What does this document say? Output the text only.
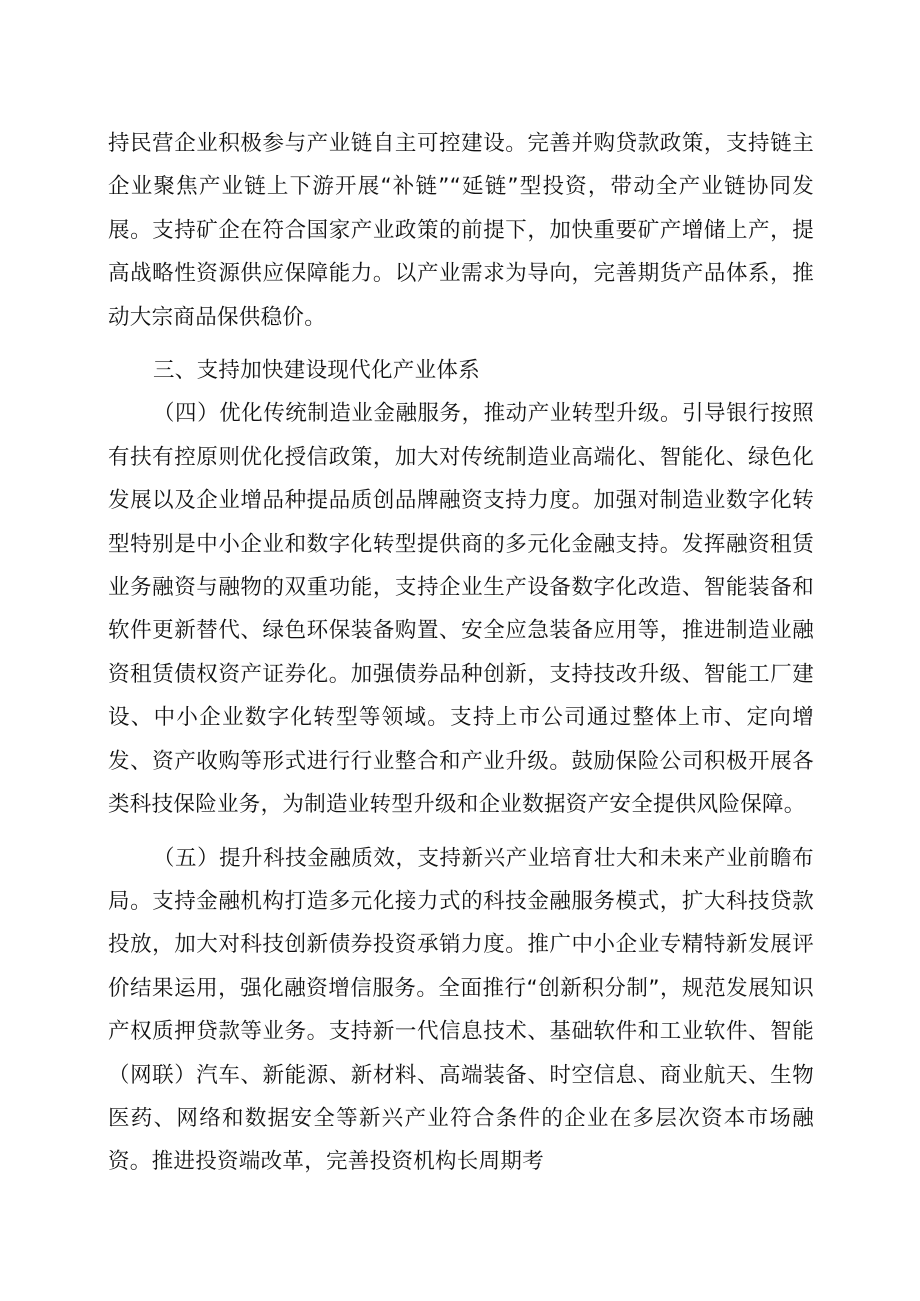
持民营企业积极参与产业链自主可控建设。完善并购贷款政策，支持链主企业聚焦产业链上下游开展“补链”“延链”型投资，带动全产业链协同发展。支持矿企在符合国家产业政策的前提下，加快重要矿产增储上产，提高战略性资源供应保障能力。以产业需求为导向，完善期货产品体系，推动大宗商品保供稳价。

三、支持加快建设现代化产业体系

（四）优化传统制造业金融服务，推动产业转型升级。引导银行按照有扶有控原则优化授信政策，加大对传统制造业高端化、智能化、绿色化发展以及企业增品种提品质创品牌融资支持力度。加强对制造业数字化转型特别是中小企业和数字化转型提供商的多元化金融支持。发挥融资租赁业务融资与融物的双重功能，支持企业生产设备数字化改造、智能装备和软件更新替代、绿色环保装备购置、安全应急装备应用等，推进制造业融资租赁债权资产证券化。加强债券品种创新，支持技改升级、智能工厂建设、中小企业数字化转型等领域。支持上市公司通过整体上市、定向增发、资产收购等形式进行行业整合和产业升级。鼓励保险公司积极开展各类科技保险业务，为制造业转型升级和企业数据资产安全提供风险保障。

（五）提升科技金融质效，支持新兴产业培育壮大和未来产业前瞻布局。支持金融机构打造多元化接力式的科技金融服务模式，扩大科技贷款投放，加大对科技创新债券投资承销力度。推广中小企业专精特新发展评价结果运用，强化融资增信服务。全面推行“创新积分制”，规范发展知识产权质押贷款等业务。支持新一代信息技术、基础软件和工业软件、智能（网联）汽车、新能源、新材料、高端装备、时空信息、商业航天、生物医药、网络和数据安全等新兴产业符合条件的企业在多层次资本市场融资。推进投资端改革，完善投资机构长周期考
